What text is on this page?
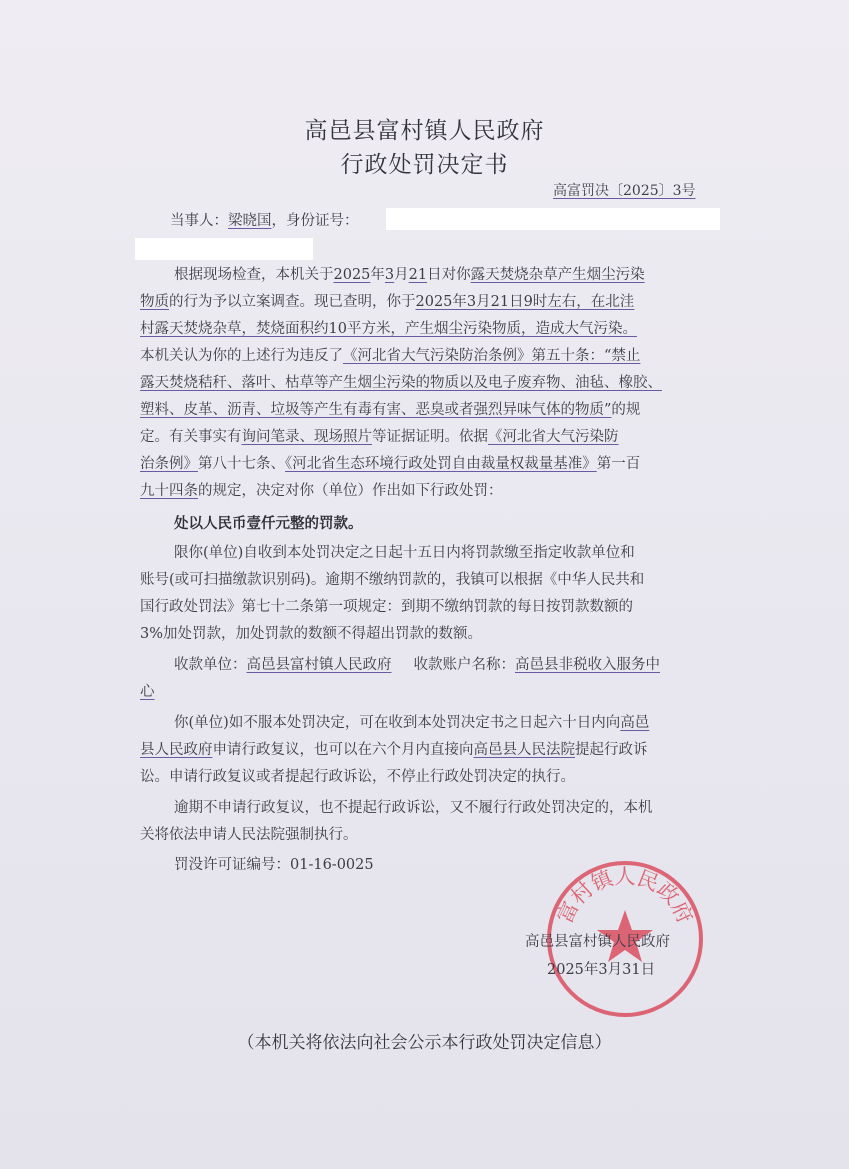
高邑县富村镇人民政府
行政处罚决定书
高富罚决〔2025〕3号
当事人：梁晓国，身份证号：
根据现场检查，本机关于2025年3月21日对你露天焚烧杂草产生烟尘污染
物质的行为予以立案调查。现已查明，你于2025年3月21日9时左右，在北洼
村露天焚烧杂草，焚烧面积约10平方米，产生烟尘污染物质，造成大气污染。
本机关认为你的上述行为违反了《河北省大气污染防治条例》第五十条：“禁止
露天焚烧秸秆、落叶、枯草等产生烟尘污染的物质以及电子废弃物、油毡、橡胶、
塑料、皮革、沥青、垃圾等产生有毒有害、恶臭或者强烈异味气体的物质”的规
定。有关事实有询问笔录、现场照片等证据证明。依据《河北省大气污染防
治条例》第八十七条、《河北省生态环境行政处罚自由裁量权裁量基准》第一百
九十四条的规定，决定对你（单位）作出如下行政处罚：
处以人民币壹仟元整的罚款。
限你(单位)自收到本处罚决定之日起十五日内将罚款缴至指定收款单位和
账号(或可扫描缴款识别码)。逾期不缴纳罚款的，我镇可以根据《中华人民共和
国行政处罚法》第七十二条第一项规定：到期不缴纳罚款的每日按罚款数额的
3%加处罚款，加处罚款的数额不得超出罚款的数额。
收款单位：高邑县富村镇人民政府 收款账户名称：高邑县非税收入服务中
心
你(单位)如不服本处罚决定，可在收到本处罚决定书之日起六十日内向高邑
县人民政府申请行政复议，也可以在六个月内直接向高邑县人民法院提起行政诉
讼。申请行政复议或者提起行政诉讼，不停止行政处罚决定的执行。
逾期不申请行政复议，也不提起行政诉讼，又不履行行政处罚决定的，本机
关将依法申请人民法院强制执行。
罚没许可证编号：01-16-0025
富村镇人民政府
高邑县富村镇人民政府
2025年3月31日
（本机关将依法向社会公示本行政处罚决定信息）
